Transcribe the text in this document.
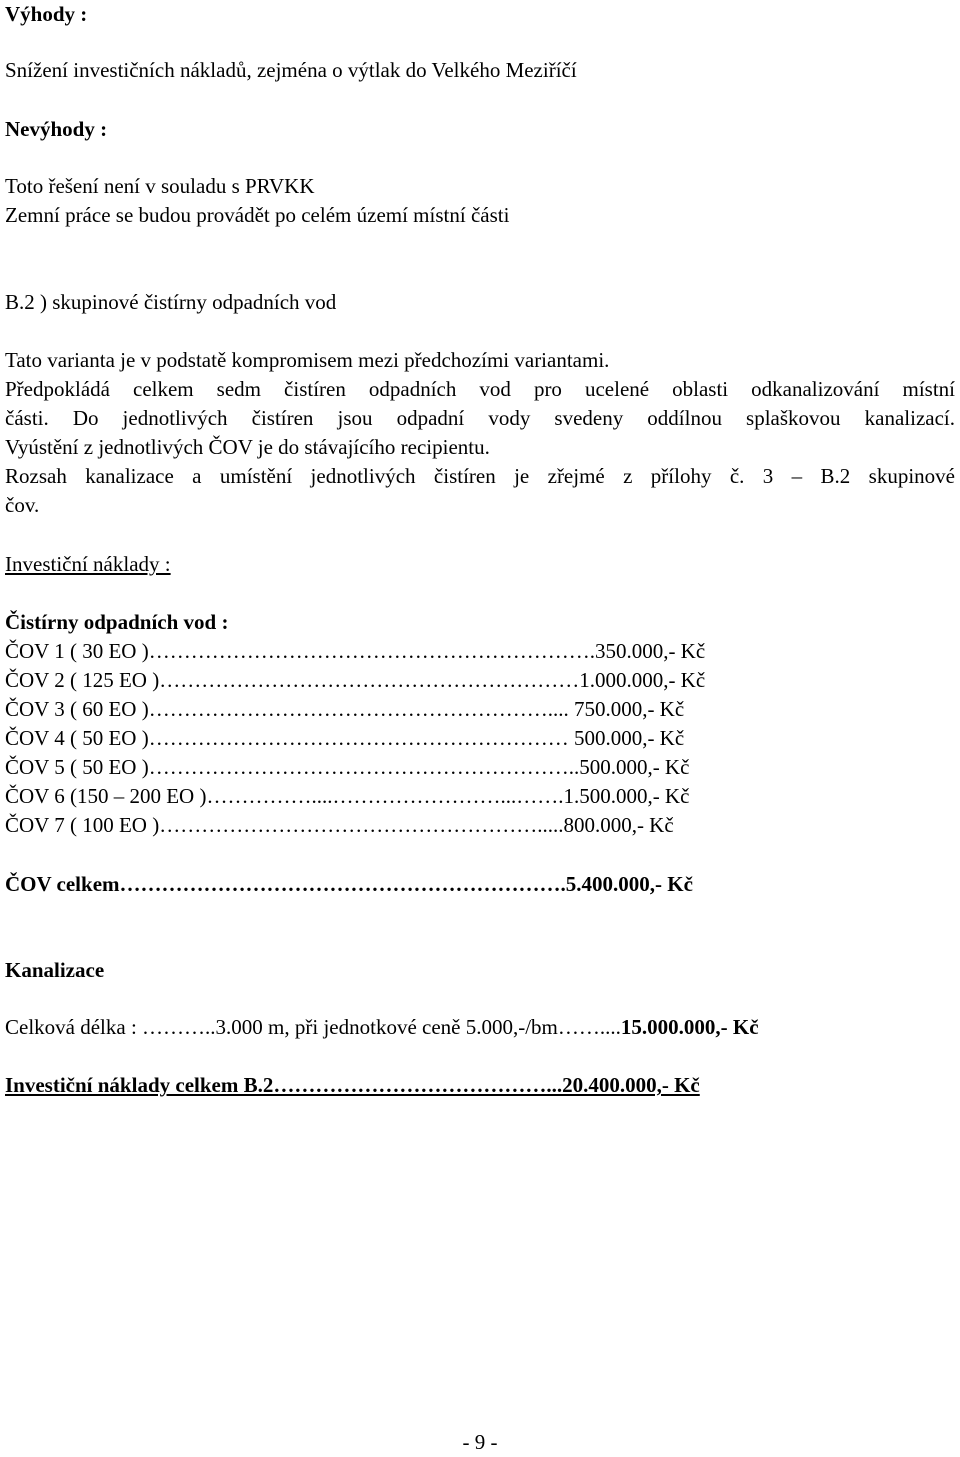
Výhody :
Snížení investičních nákladů, zejména o výtlak do Velkého Meziříčí
Nevýhody :
Toto řešení není v souladu s PRVKK
Zemní práce se budou provádět po celém území místní části
B.2 ) skupinové čistírny odpadních vod
Tato varianta je v podstatě kompromisem mezi předchozími variantami.
Předpokládá celkem sedm čistíren odpadních vod pro ucelené oblasti odkanalizování místní
části. Do jednotlivých čistíren jsou odpadní vody svedeny oddílnou splaškovou kanalizací.
Vyústění z jednotlivých ČOV je do stávajícího recipientu.
Rozsah kanalizace a umístění jednotlivých čistíren je zřejmé z přílohy č. 3 – B.2 skupinové
čov.
Investiční náklady :
Čistírny odpadních vod :
ČOV 1 ( 30 EO )……………………………………………………….350.000,- Kč
ČOV 2 ( 125 EO )……………………………………………………1.000.000,- Kč
ČOV 3 ( 60 EO )………………………………………………….... 750.000,- Kč
ČOV 4 ( 50 EO )…………………………………………………… 500.000,- Kč
ČOV 5 ( 50 EO )……………………………………………………..500.000,- Kč
ČOV 6 (150 – 200 EO )……………....……………………...…….1.500.000,- Kč
ČOV 7 ( 100 EO )……………………………………………….....800.000,- Kč
ČOV celkem……………………………………………………….5.400.000,- Kč
Kanalizace
Celková délka : ………..3.000 m, při jednotkové ceně 5.000,-/bm……....15.000.000,- Kč
Investiční náklady celkem B.2…………………………………...20.400.000,- Kč
- 9 -
